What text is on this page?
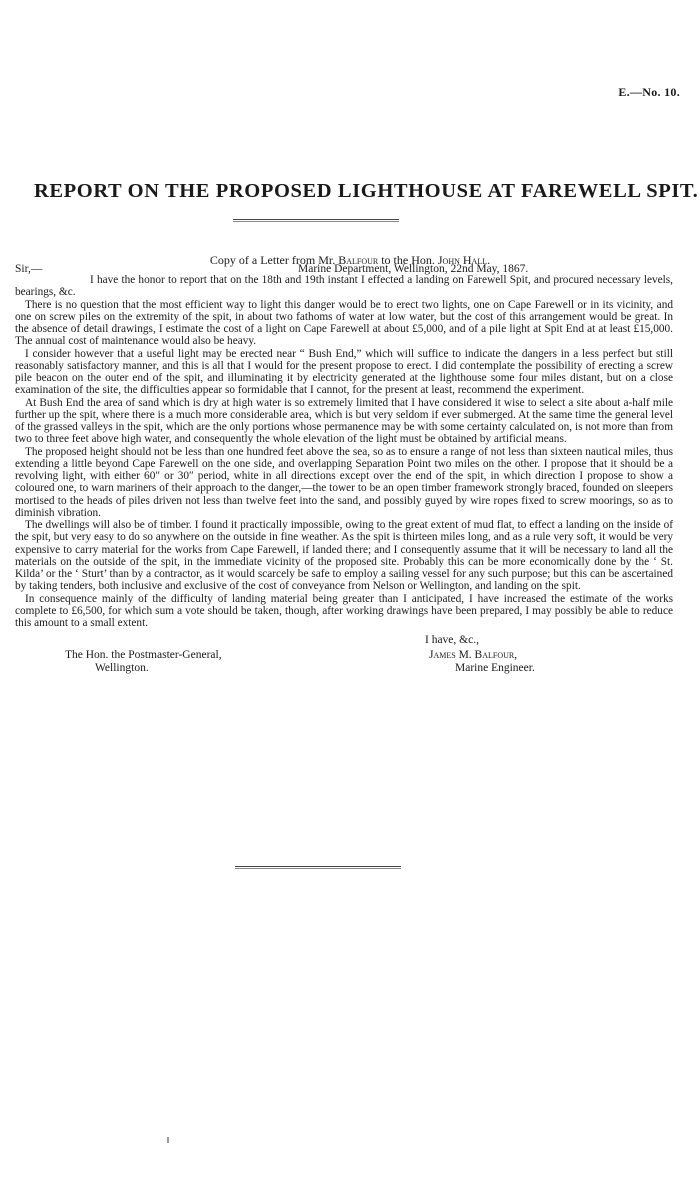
E.—No. 10.
REPORT ON THE PROPOSED LIGHTHOUSE AT FAREWELL SPIT.
Copy of a Letter from Mr. Balfour to the Hon. John Hall.
Sir,—	Marine Department, Wellington, 22nd May, 1867.

I have the honor to report that on the 18th and 19th instant I effected a landing on Farewell Spit, and procured necessary levels, bearings, &c.

There is no question that the most efficient way to light this danger would be to erect two lights, one on Cape Farewell or in its vicinity, and one on screw piles on the extremity of the spit, in about two fathoms of water at low water, but the cost of this arrangement would be great. In the absence of detail drawings, I estimate the cost of a light on Cape Farewell at about £5,000, and of a pile light at Spit End at at least £15,000. The annual cost of maintenance would also be heavy.

I consider however that a useful light may be erected near “ Bush End,” which will suffice to indicate the dangers in a less perfect but still reasonably satisfactory manner, and this is all that I would for the present propose to erect. I did contemplate the possibility of erecting a screw pile beacon on the outer end of the spit, and illuminating it by electricity generated at the lighthouse some four miles distant, but on a close examination of the site, the difficulties appear so formidable that I cannot, for the present at least, recommend the experiment.

At Bush End the area of sand which is dry at high water is so extremely limited that I have considered it wise to select a site about a-half mile further up the spit, where there is a much more considerable area, which is but very seldom if ever submerged. At the same time the general level of the grassed valleys in the spit, which are the only portions whose permanence may be with some certainty calculated on, is not more than from two to three feet above high water, and consequently the whole elevation of the light must be obtained by artificial means.

The proposed height should not be less than one hundred feet above the sea, so as to ensure a range of not less than sixteen nautical miles, thus extending a little beyond Cape Farewell on the one side, and overlapping Separation Point two miles on the other. I propose that it should be a revolving light, with either 60″ or 30″ period, white in all directions except over the end of the spit, in which direction I propose to show a coloured one, to warn mariners of their approach to the danger,—the tower to be an open timber framework strongly braced, founded on sleepers mortised to the heads of piles driven not less than twelve feet into the sand, and possibly guyed by wire ropes fixed to screw moorings, so as to diminish vibration.

The dwellings will also be of timber. I found it practically impossible, owing to the great extent of mud flat, to effect a landing on the inside of the spit, but very easy to do so anywhere on the outside in fine weather. As the spit is thirteen miles long, and as a rule very soft, it would be very expensive to carry material for the works from Cape Farewell, if landed there; and I consequently assume that it will be necessary to land all the materials on the outside of the spit, in the immediate vicinity of the proposed site. Probably this can be more economically done by the ‘ St. Kilda’ or the ‘ Sturt’ than by a contractor, as it would scarcely be safe to employ a sailing vessel for any such purpose; but this can be ascertained by taking tenders, both inclusive and exclusive of the cost of conveyance from Nelson or Wellington, and landing on the spit.

In consequence mainly of the difficulty of landing material being greater than I anticipated, I have increased the estimate of the works complete to £6,500, for which sum a vote should be taken, though, after working drawings have been prepared, I may possibly be able to reduce this amount to a small extent.

I have, &c.,
The Hon. the Postmaster-General,
Wellington.
James M. Balfour,
Marine Engineer.
